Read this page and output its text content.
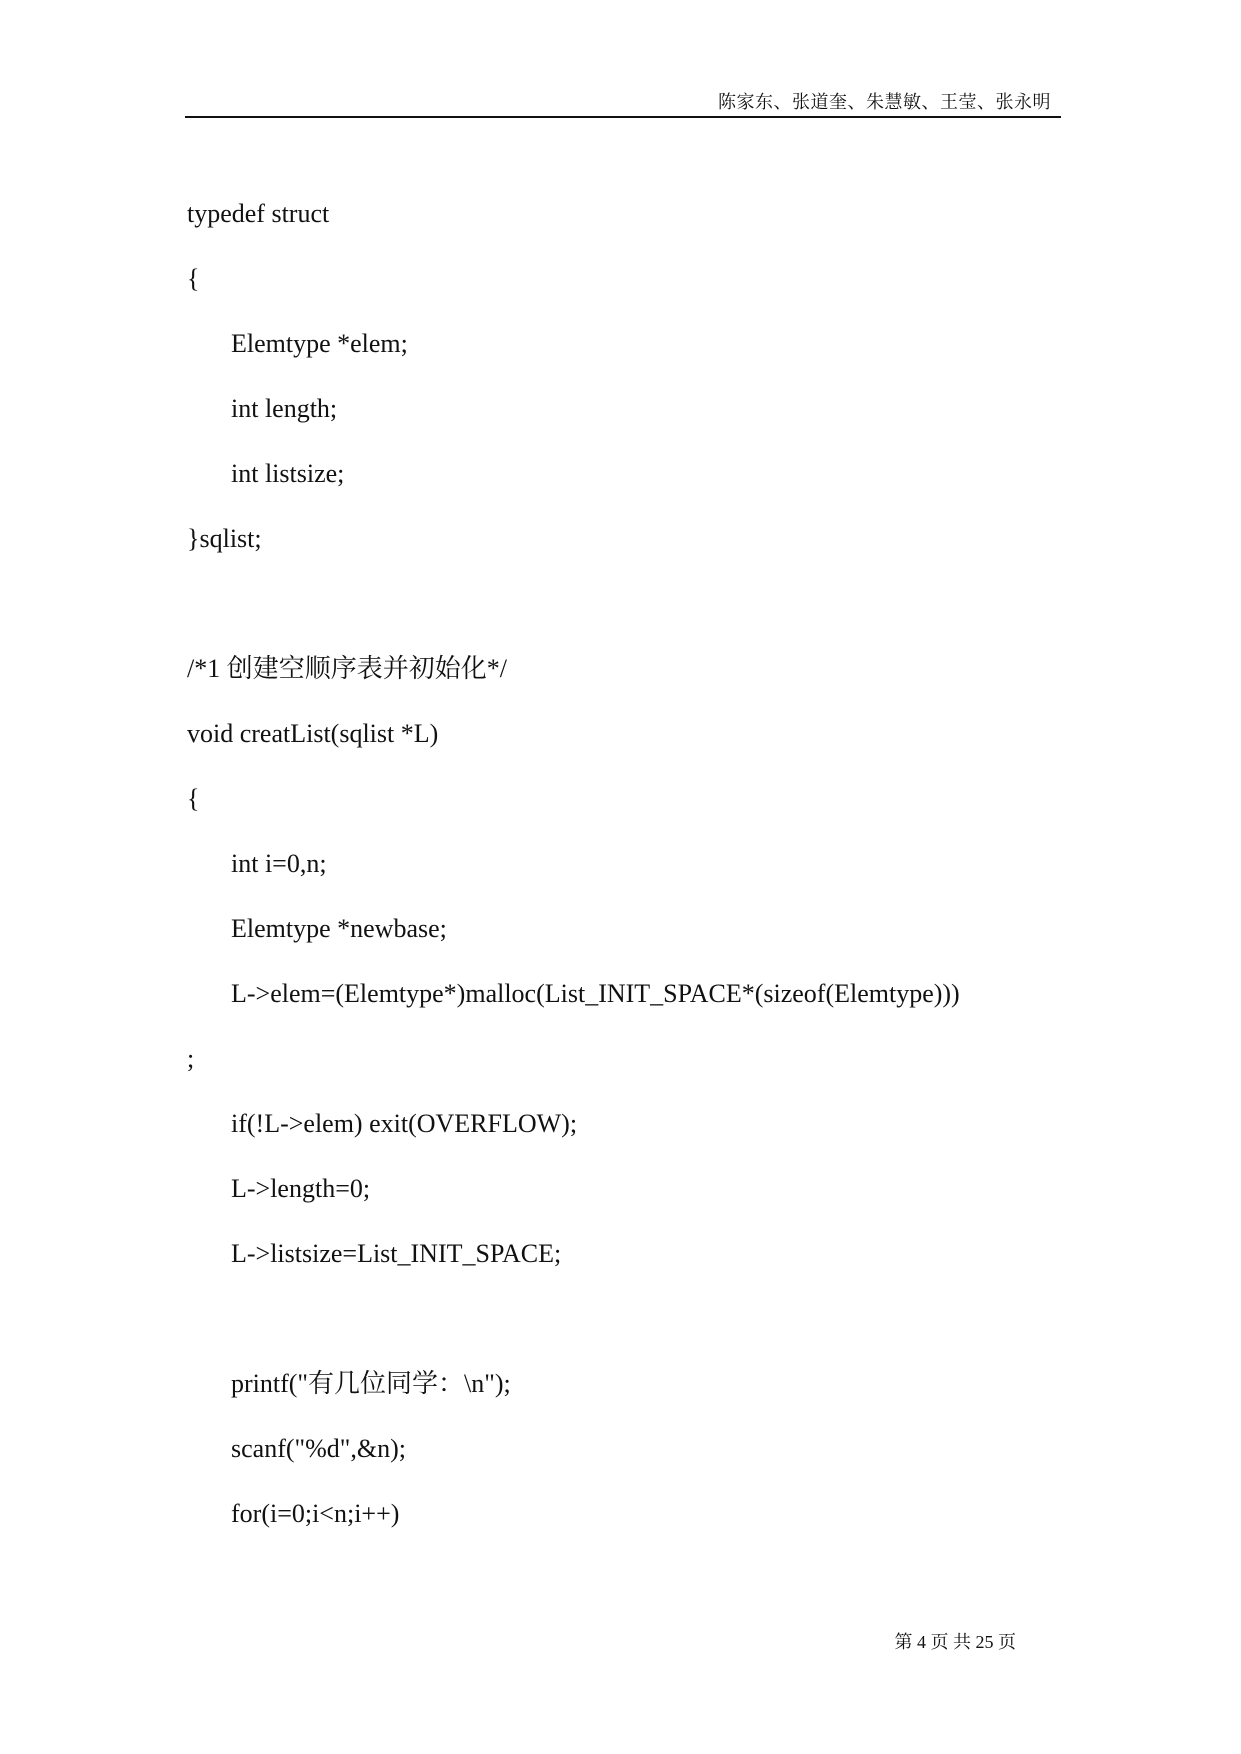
陈家东、张道奎、朱慧敏、王莹、张永明
typedef struct
{
Elemtype *elem;
int length;
int listsize;
}sqlist;
/*1 创建空顺序表并初始化*/
void creatList(sqlist *L)
{
int i=0,n;
Elemtype *newbase;
L->elem=(Elemtype*)malloc(List_INIT_SPACE*(sizeof(Elemtype)))
;
if(!L->elem) exit(OVERFLOW);
L->length=0;
L->listsize=List_INIT_SPACE;
printf("有几位同学：\n");
scanf("%d",&n);
for(i=0;i<n;i++)
第 4 页 共 25 页
